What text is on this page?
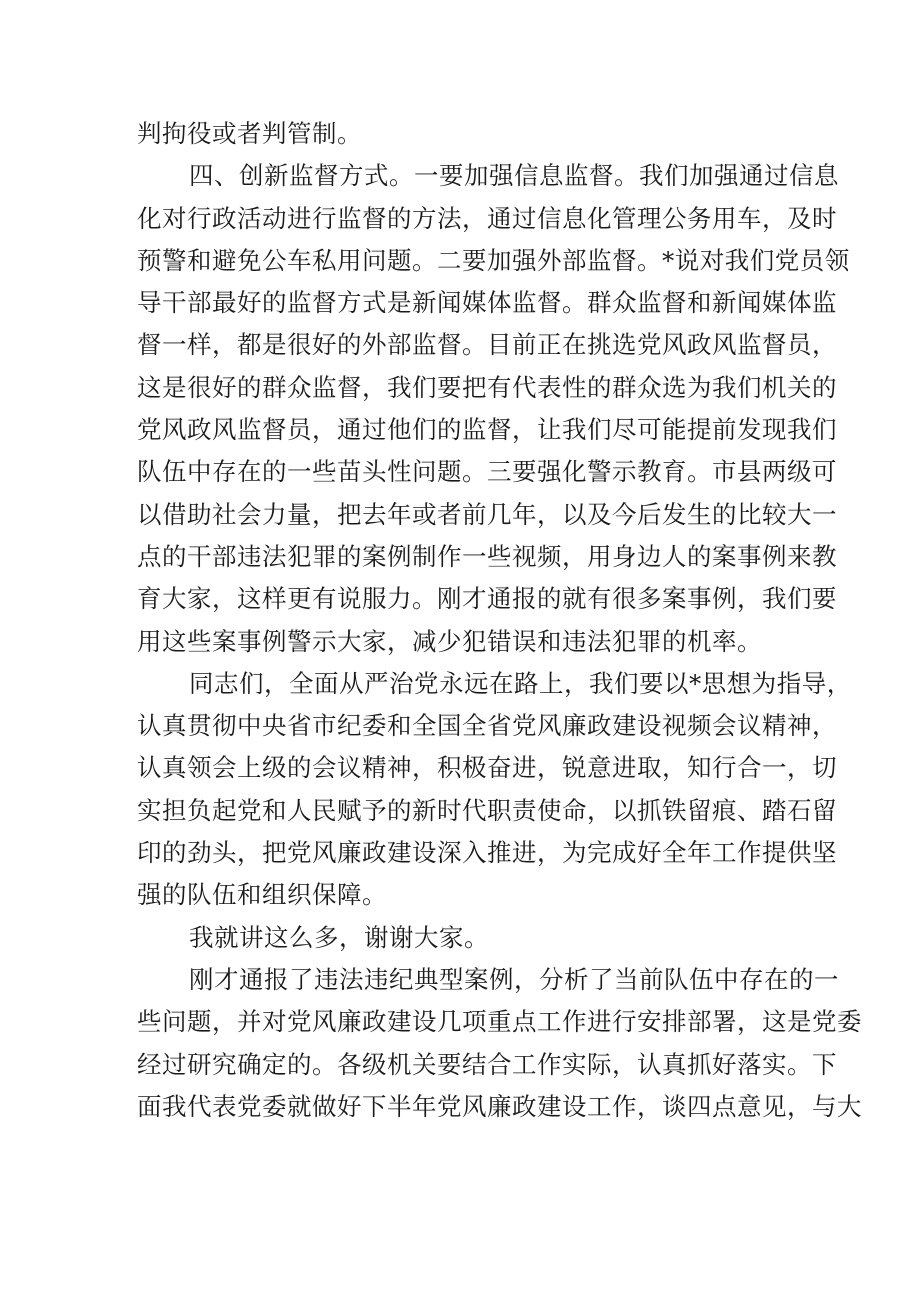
判拘役或者判管制。
四、创新监督方式。一要加强信息监督。我们加强通过信息
化对行政活动进行监督的方法，通过信息化管理公务用车，及时
预警和避免公车私用问题。二要加强外部监督。*说对我们党员领
导干部最好的监督方式是新闻媒体监督。群众监督和新闻媒体监
督一样，都是很好的外部监督。目前正在挑选党风政风监督员，
这是很好的群众监督，我们要把有代表性的群众选为我们机关的
党风政风监督员，通过他们的监督，让我们尽可能提前发现我们
队伍中存在的一些苗头性问题。三要强化警示教育。市县两级可
以借助社会力量，把去年或者前几年，以及今后发生的比较大一
点的干部违法犯罪的案例制作一些视频，用身边人的案事例来教
育大家，这样更有说服力。刚才通报的就有很多案事例，我们要
用这些案事例警示大家，减少犯错误和违法犯罪的机率。
同志们，全面从严治党永远在路上，我们要以*思想为指导，
认真贯彻中央省市纪委和全国全省党风廉政建设视频会议精神，
认真领会上级的会议精神，积极奋进，锐意进取，知行合一，切
实担负起党和人民赋予的新时代职责使命，以抓铁留痕、踏石留
印的劲头，把党风廉政建设深入推进，为完成好全年工作提供坚
强的队伍和组织保障。
我就讲这么多，谢谢大家。
刚才通报了违法违纪典型案例，分析了当前队伍中存在的一
些问题，并对党风廉政建设几项重点工作进行安排部署，这是党委
经过研究确定的。各级机关要结合工作实际，认真抓好落实。下
面我代表党委就做好下半年党风廉政建设工作，谈四点意见，与大
